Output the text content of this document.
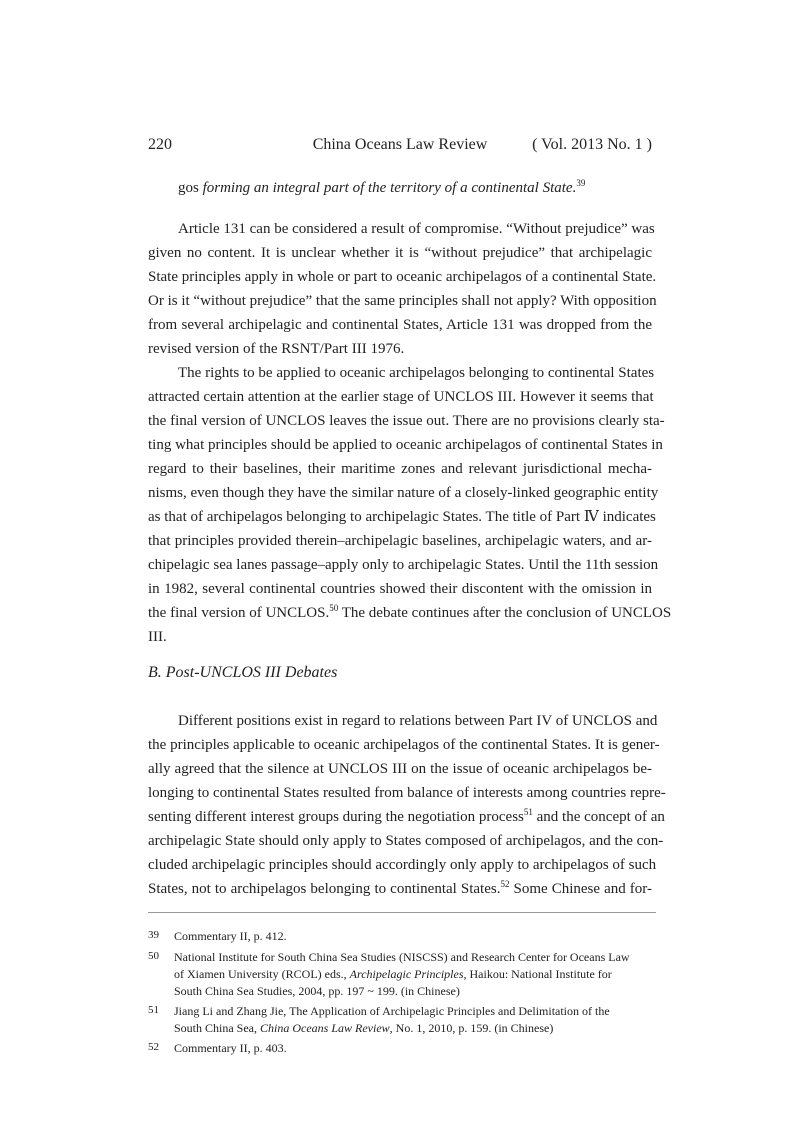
220	China Oceans Law Review	( Vol. 2013 No. 1 )
gos forming an integral part of the territory of a continental State.$^{39}$
Article 131 can be considered a result of compromise. “Without prejudice” was
given no content. It is unclear whether it is “without prejudice” that archipelagic
State principles apply in whole or part to oceanic archipelagos of a continental State.
Or is it “without prejudice” that the same principles shall not apply? With opposition
from several archipelagic and continental States, Article 131 was dropped from the
revised version of the RSNT/Part III 1976.
The rights to be applied to oceanic archipelagos belonging to continental States
attracted certain attention at the earlier stage of UNCLOS III. However it seems that
the final version of UNCLOS leaves the issue out. There are no provisions clearly sta-
ting what principles should be applied to oceanic archipelagos of continental States in
regard to their baselines, their maritime zones and relevant jurisdictional mecha-
nisms, even though they have the similar nature of a closely-linked geographic entity
as that of archipelagos belonging to archipelagic States. The title of Part Ⅳ indicates
that principles provided therein–archipelagic baselines, archipelagic waters, and ar-
chipelagic sea lanes passage–apply only to archipelagic States. Until the 11th session
in 1982, several continental countries showed their discontent with the omission in
the final version of UNCLOS.$^{50}$ The debate continues after the conclusion of UNCLOS
III.
B. Post-UNCLOS III Debates
Different positions exist in regard to relations between Part IV of UNCLOS and
the principles applicable to oceanic archipelagos of the continental States. It is gener-
ally agreed that the silence at UNCLOS III on the issue of oceanic archipelagos be-
longing to continental States resulted from balance of interests among countries repre-
senting different interest groups during the negotiation process$^{51}$ and the concept of an
archipelagic State should only apply to States composed of archipelagos, and the con-
cluded archipelagic principles should accordingly only apply to archipelagos of such
States, not to archipelagos belonging to continental States.$^{52}$ Some Chinese and for-
39 Commentary II, p. 412.
50 National Institute for South China Sea Studies (NISCSS) and Research Center for Oceans Law
of Xiamen University (RCOL) eds., Archipelagic Principles, Haikou: National Institute for
South China Sea Studies, 2004, pp. 197 ~ 199. (in Chinese)
51 Jiang Li and Zhang Jie, The Application of Archipelagic Principles and Delimitation of the
South China Sea, China Oceans Law Review, No. 1, 2010, p. 159. (in Chinese)
52 Commentary II, p. 403.
